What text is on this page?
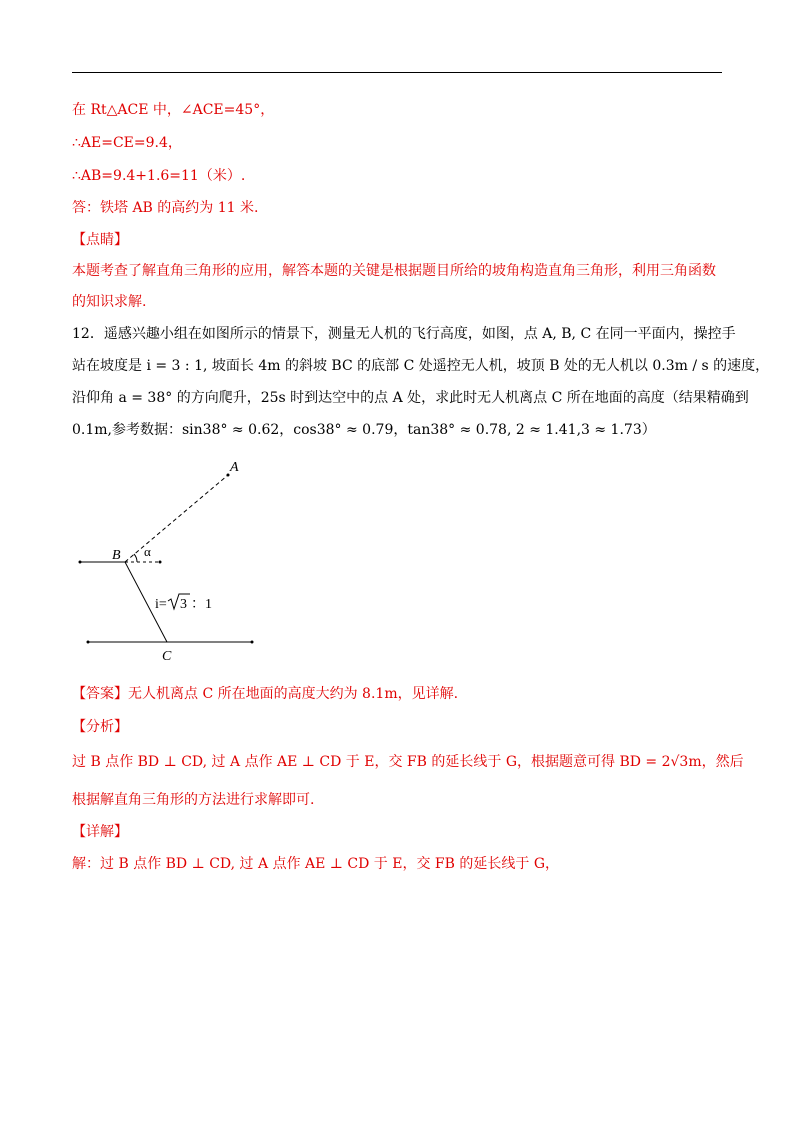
在 Rt△ACE 中，∠ACE=45°，
∴AE=CE=9.4，
∴AB=9.4+1.6=11（米）.
答：铁塔 AB 的高约为 11 米.
【点睛】
本题考查了解直角三角形的应用，解答本题的关键是根据题目所给的坡角构造直角三角形，利用三角函数
的知识求解.
12．遥感兴趣小组在如图所示的情景下，测量无人机的飞行高度，如图，点 A, B, C 在同一平面内，操控手
站在坡度是 i = 3 : 1, 坡面长 4m 的斜坡 BC 的底部 C 处遥控无人机，坡顶 B 处的无人机以 0.3m / s 的速度，
沿仰角 a = 38° 的方向爬升，25s 时到达空中的点 A 处，求此时无人机离点 C 所在地面的高度（结果精确到
0.1m,参考数据：sin38° ≈ 0.62，cos38° ≈ 0.79，tan38° ≈ 0.78, 2 ≈ 1.41,3 ≈ 1.73）
A
B
C
α
i= 3 ：1
【答案】无人机离点 C 所在地面的高度大约为 8.1m，见详解.
【分析】
过 B 点作 BD ⊥ CD, 过 A 点作 AE ⊥ CD 于 E，交 FB 的延长线于 G，根据题意可得 BD = 2√3m，然后
根据解直角三角形的方法进行求解即可.
【详解】
解：过 B 点作 BD ⊥ CD, 过 A 点作 AE ⊥ CD 于 E，交 FB 的延长线于 G，
